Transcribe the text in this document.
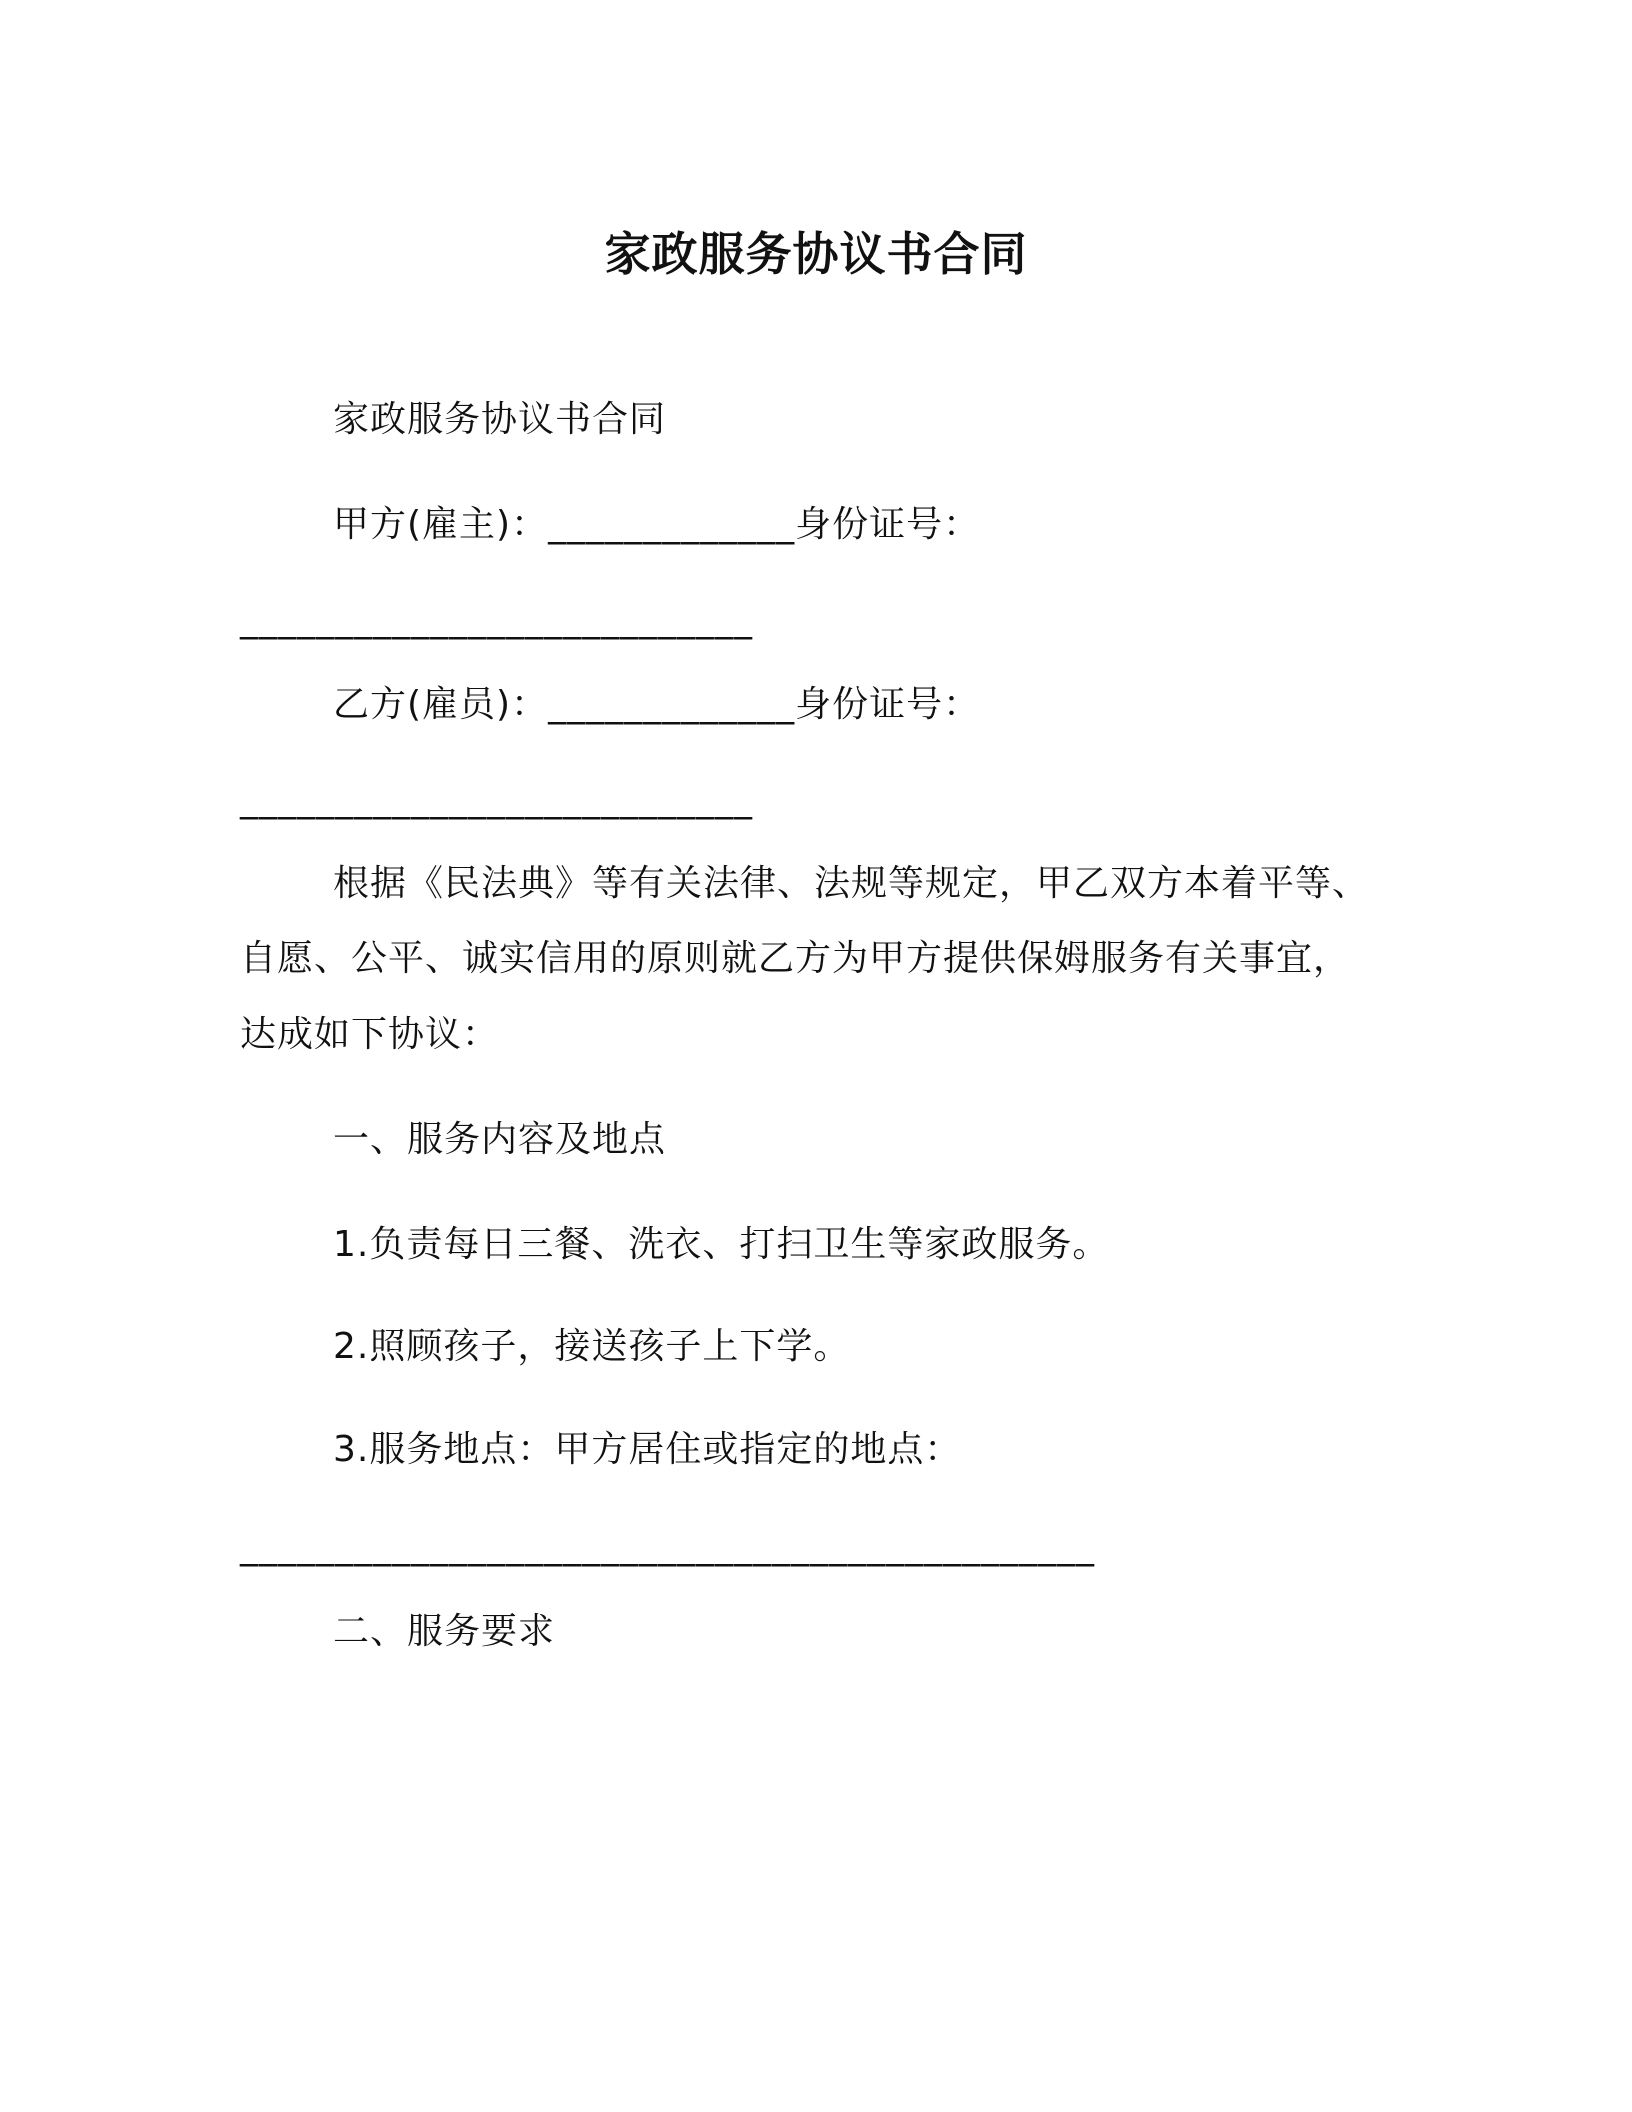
家政服务协议书合同
家政服务协议书合同
甲方(雇主)：_____________身份证号：
___________________________
乙方(雇员)：_____________身份证号：
___________________________
根据《民法典》等有关法律、法规等规定，甲乙双方本着平等、
自愿、公平、诚实信用的原则就乙方为甲方提供保姆服务有关事宜，
达成如下协议：
一、服务内容及地点
1.负责每日三餐、洗衣、打扫卫生等家政服务。
2.照顾孩子，接送孩子上下学。
3.服务地点：甲方居住或指定的地点：
_____________________________________________
二、服务要求
